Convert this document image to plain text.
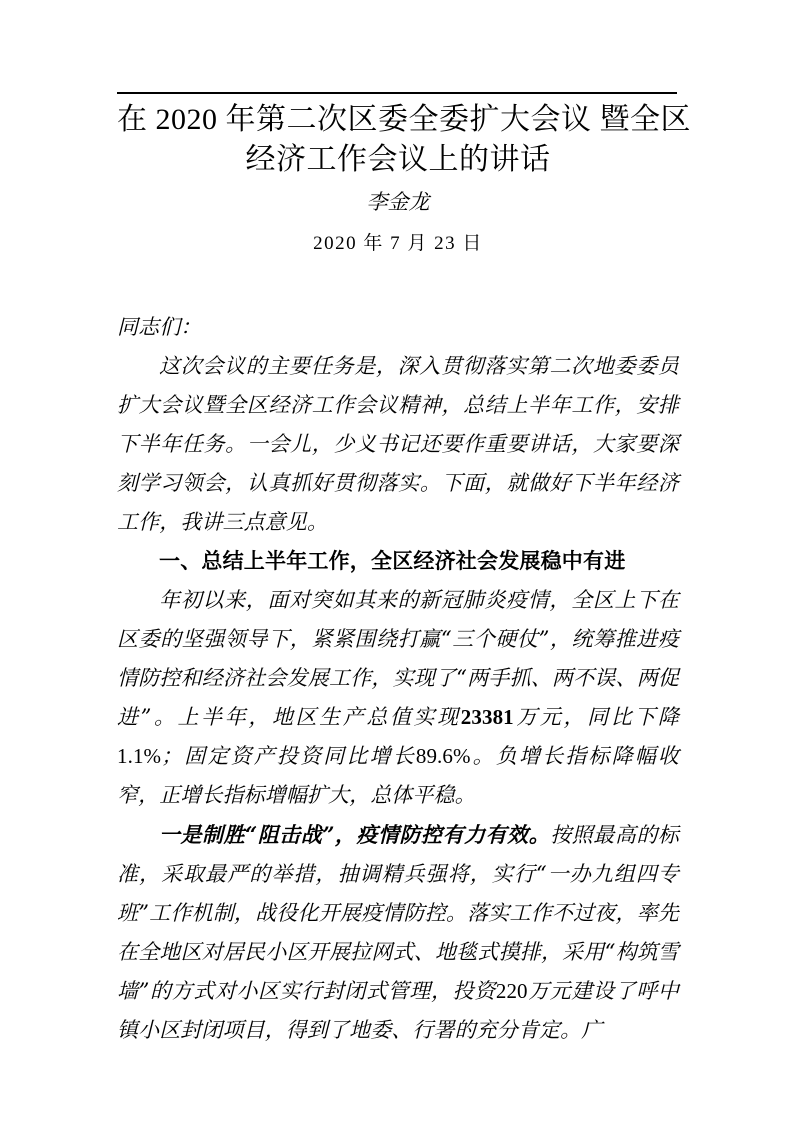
在 2020 年第二次区委全委扩大会议 暨全区
经济工作会议上的讲话
李金龙
2020 年 7 月 23 日

同志们：

这次会议的主要任务是，深入贯彻落实第二次地委委员扩大会议暨全区经济工作会议精神，总结上半年工作，安排下半年任务。一会儿，少义书记还要作重要讲话，大家要深刻学习领会，认真抓好贯彻落实。下面，就做好下半年经济工作，我讲三点意见。

一、总结上半年工作，全区经济社会发展稳中有进

年初以来，面对突如其来的新冠肺炎疫情，全区上下在区委的坚强领导下，紧紧围绕打赢“三个硬仗”，统筹推进疫情防控和经济社会发展工作，实现了“两手抓、两不误、两促进”。上半年，地区生产总值实现23381万元，同比下降1.1%；固定资产投资同比增长89.6%。负增长指标降幅收窄，正增长指标增幅扩大，总体平稳。

一是制胜“阻击战”，疫情防控有力有效。按照最高的标准，采取最严的举措，抽调精兵强将，实行“一办九组四专班”工作机制，战役化开展疫情防控。落实工作不过夜，率先在全地区对居民小区开展拉网式、地毯式摸排，采用“构筑雪墙”的方式对小区实行封闭式管理，投资220万元建设了呼中镇小区封闭项目，得到了地委、行署的充分肯定。广
